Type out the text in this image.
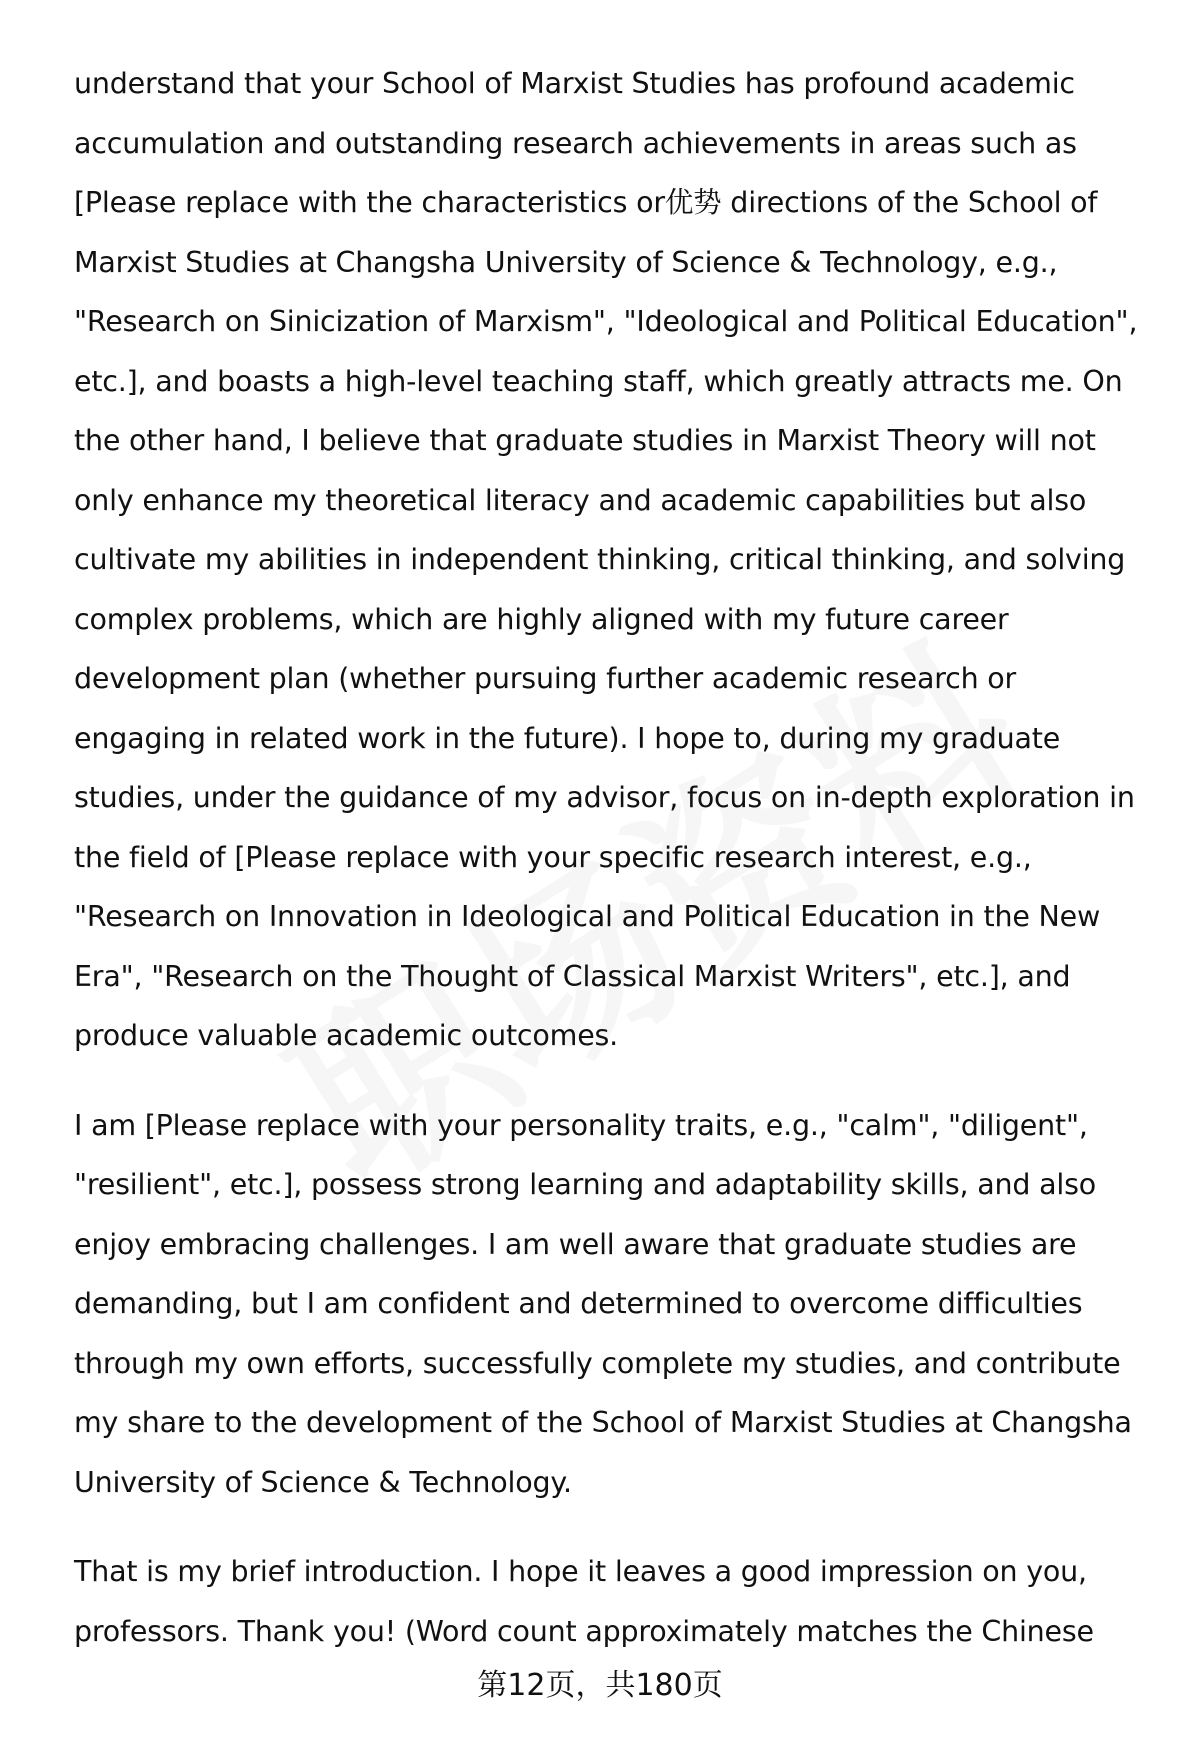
understand that your School of Marxist Studies has profound academic accumulation and outstanding research achievements in areas such as [Please replace with the characteristics or优势 directions of the School of Marxist Studies at Changsha University of Science & Technology, e.g., "Research on Sinicization of Marxism", "Ideological and Political Education", etc.], and boasts a high-level teaching staff, which greatly attracts me. On the other hand, I believe that graduate studies in Marxist Theory will not only enhance my theoretical literacy and academic capabilities but also cultivate my abilities in independent thinking, critical thinking, and solving complex problems, which are highly aligned with my future career development plan (whether pursuing further academic research or engaging in related work in the future). I hope to, during my graduate studies, under the guidance of my advisor, focus on in-depth exploration in the field of [Please replace with your specific research interest, e.g., "Research on Innovation in Ideological and Political Education in the New Era", "Research on the Thought of Classical Marxist Writers", etc.], and produce valuable academic outcomes.

I am [Please replace with your personality traits, e.g., "calm", "diligent", "resilient", etc.], possess strong learning and adaptability skills, and also enjoy embracing challenges. I am well aware that graduate studies are demanding, but I am confident and determined to overcome difficulties through my own efforts, successfully complete my studies, and contribute my share to the development of the School of Marxist Studies at Changsha University of Science & Technology.

That is my brief introduction. I hope it leaves a good impression on you, professors. Thank you! (Word count approximately matches the Chinese

第12页，共180页
